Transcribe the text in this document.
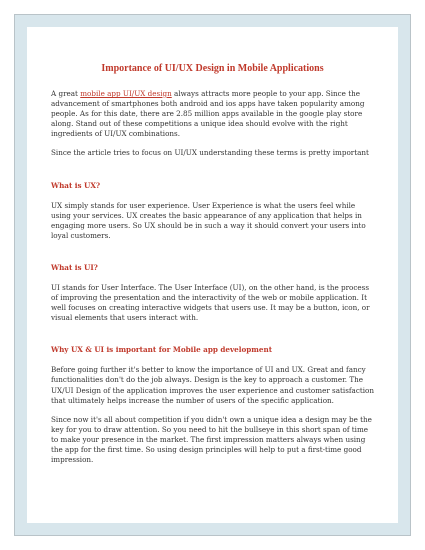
Importance of UI/UX Design in Mobile Applications

A great mobile app UI/UX design always attracts more people to your app. Since the advancement of smartphones both android and ios apps have taken popularity among people. As for this date, there are 2.85 million apps available in the google play store along. Stand out of these competitions a unique idea should evolve with the right ingredients of UI/UX combinations.

Since the article tries to focus on UI/UX understanding these terms is pretty important

What is UX?

UX simply stands for user experience. User Experience is what the users feel while using your services. UX creates the basic appearance of any application that helps in engaging more users. So UX should be in such a way it should convert your users into loyal customers.

What is UI?

UI stands for User Interface. The User Interface (UI), on the other hand, is the process of improving the presentation and the interactivity of the web or mobile application. It well focuses on creating interactive widgets that users use. It may be a button, icon, or visual elements that users interact with.

Why UX & UI is important for Mobile app development

Before going further it's better to know the importance of UI and UX. Great and fancy functionalities don't do the job always. Design is the key to approach a customer. The UX/UI Design of the application improves the user experience and customer satisfaction that ultimately helps increase the number of users of the specific application.

Since now it's all about competition if you didn't own a unique idea a design may be the key for you to draw attention. So you need to hit the bullseye in this short span of time to make your presence in the market. The first impression matters always when using the app for the first time. So using design principles will help to put a first-time good impression.
